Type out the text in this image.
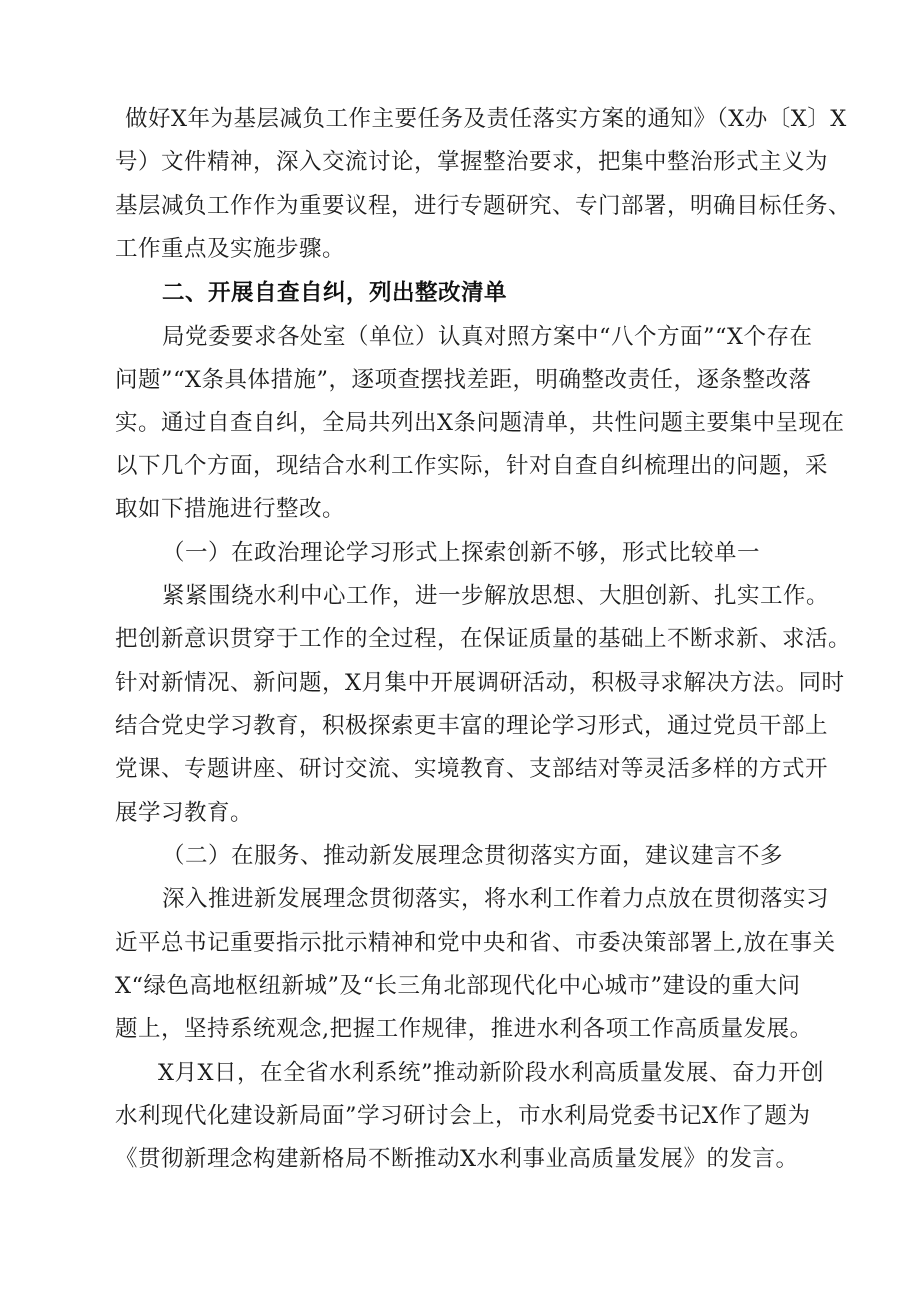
做好X年为基层减负工作主要任务及责任落实方案的通知》（X办〔X〕X
号）文件精神，深入交流讨论，掌握整治要求，把集中整治形式主义为
基层减负工作作为重要议程，进行专题研究、专门部署，明确目标任务、
工作重点及实施步骤。
二、开展自查自纠，列出整改清单
局党委要求各处室（单位）认真对照方案中“八个方面”“X个存在
问题”“X条具体措施”，逐项查摆找差距，明确整改责任，逐条整改落
实。通过自查自纠，全局共列出X条问题清单，共性问题主要集中呈现在
以下几个方面，现结合水利工作实际，针对自查自纠梳理出的问题，采
取如下措施进行整改。
（一）在政治理论学习形式上探索创新不够，形式比较单一
紧紧围绕水利中心工作，进一步解放思想、大胆创新、扎实工作。
把创新意识贯穿于工作的全过程，在保证质量的基础上不断求新、求活。
针对新情况、新问题，X月集中开展调研活动，积极寻求解决方法。同时
结合党史学习教育，积极探索更丰富的理论学习形式，通过党员干部上
党课、专题讲座、研讨交流、实境教育、支部结对等灵活多样的方式开
展学习教育。
（二）在服务、推动新发展理念贯彻落实方面，建议建言不多
深入推进新发展理念贯彻落实，将水利工作着力点放在贯彻落实习
近平总书记重要指示批示精神和党中央和省、市委决策部署上,放在事关
X“绿色高地枢纽新城”及“长三角北部现代化中心城市”建设的重大问
题上，坚持系统观念,把握工作规律，推进水利各项工作高质量发展。
X月X日，在全省水利系统”推动新阶段水利高质量发展、奋力开创
水利现代化建设新局面”学习研讨会上，市水利局党委书记X作了题为
《贯彻新理念构建新格局不断推动X水利事业高质量发展》的发言。
